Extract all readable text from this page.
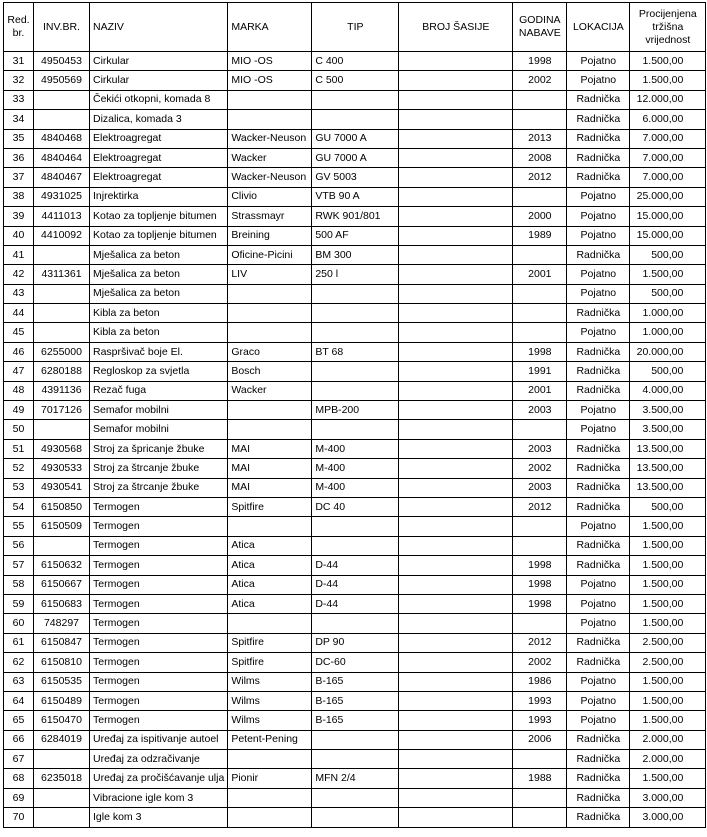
Red. br.	INV.BR.	NAZIV	MARKA	TIP	BROJ ŠASIJE	GODINA NABAVE	LOKACIJA	Procijenjena tržišna vrijednost
31	4950453	Cirkular	MIO -OS	C 400		1998	Pojatno	1.500,00
32	4950569	Cirkular	MIO -OS	C 500		2002	Pojatno	1.500,00
33		Čekići otkopni, komada 8					Radnička	12.000,00
34		Dizalica, komada 3					Radnička	6.000,00
35	4840468	Elektroagregat	Wacker-Neuson	GU 7000 A		2013	Radnička	7.000,00
36	4840464	Elektroagregat	Wacker	GU 7000 A		2008	Radnička	7.000,00
37	4840467	Elektroagregat	Wacker-Neuson	GV 5003		2012	Radnička	7.000,00
38	4931025	Injrektirka	Clivio	VTB 90 A			Pojatno	25.000,00
39	4411013	Kotao za topljenje bitumen	Strassmayr	RWK 901/801		2000	Pojatno	15.000,00
40	4410092	Kotao za topljenje bitumen	Breining	500 AF		1989	Pojatno	15.000,00
41		Mješalica za beton	Oficine-Picini	BM 300			Radnička	500,00
42	4311361	Mješalica za beton	LIV	250 l		2001	Pojatno	1.500,00
43		Mješalica za beton					Pojatno	500,00
44		Kibla za beton					Radnička	1.000,00
45		Kibla za beton					Pojatno	1.000,00
46	6255000	Raspršivač boje El.	Graco	BT 68		1998	Radnička	20.000,00
47	6280188	Regloskop za svjetla	Bosch			1991	Radnička	500,00
48	4391136	Rezač fuga	Wacker			2001	Radnička	4.000,00
49	7017126	Semafor mobilni		MPB-200		2003	Pojatno	3.500,00
50		Semafor mobilni					Pojatno	3.500,00
51	4930568	Stroj za špricanje žbuke	MAI	M-400		2003	Radnička	13.500,00
52	4930533	Stroj za štrcanje žbuke	MAI	M-400		2002	Radnička	13.500,00
53	4930541	Stroj za štrcanje žbuke	MAI	M-400		2003	Radnička	13.500,00
54	6150850	Termogen	Spitfire	DC 40		2012	Radnička	500,00
55	6150509	Termogen					Pojatno	1.500,00
56		Termogen	Atica				Radnička	1.500,00
57	6150632	Termogen	Atica	D-44		1998	Radnička	1.500,00
58	6150667	Termogen	Atica	D-44		1998	Pojatno	1.500,00
59	6150683	Termogen	Atica	D-44		1998	Pojatno	1.500,00
60	748297	Termogen					Pojatno	1.500,00
61	6150847	Termogen	Spitfire	DP 90		2012	Radnička	2.500,00
62	6150810	Termogen	Spitfire	DC-60		2002	Radnička	2.500,00
63	6150535	Termogen	Wilms	B-165		1986	Pojatno	1.500,00
64	6150489	Termogen	Wilms	B-165		1993	Pojatno	1.500,00
65	6150470	Termogen	Wilms	B-165		1993	Pojatno	1.500,00
66	6284019	Uređaj za ispitivanje autoel	Petent-Pening			2006	Radnička	2.000,00
67		Uređaj za odzračivanje					Radnička	2.000,00
68	6235018	Uređaj za pročišćavanje ulja	Pionir	MFN 2/4		1988	Radnička	1.500,00
69		Vibracione igle kom 3					Radnička	3.000,00
70		Igle kom 3					Radnička	3.000,00
